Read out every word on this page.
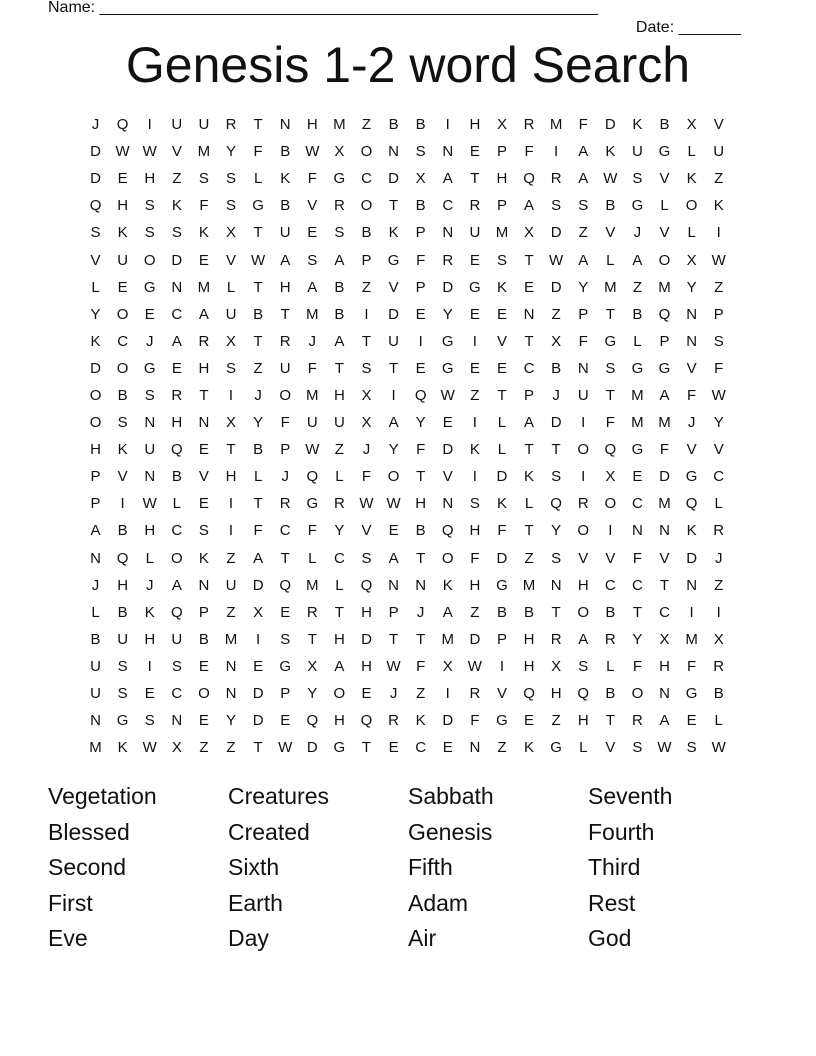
Name: ________________________________________________________

Date: _______

Genesis 1-2 word Search
J	Q	I	U	U	R	T	N	H	M	Z	B	B	I	H	X	R	M	F	D	K	B	X	V
D W W	V	M	Y	F	B	W	X	O	N	S	N	E	P	F	I	A	K	U	G	L	U
D	E	H	Z	S	S	L	K	F	G	C	D	X	A	T	H	Q	R	A	W	S	V	K	Z
Q	H	S	K	F	S	G	B	V	R	O	T	B	C	R	P	A	S	S	B	G	L	O	K
S	K	S	S	K	X	T	U	E	S	B	K	P	N	U	M	X	D	Z	V	J	V	L	I
V	U	O	D	E	V	W	A	S	A	P	G	F	R	E	S	T	W	A	L	A	O	X	W
L	E	G	N	M	L	T	H	A	B	Z	V	P	D	G	K	E	D	Y	M	Z	M	Y	Z
Y	O	E	C	A	U	B	T	M	B	I	D	E	Y	E	E	N	Z	P	T	B	Q	N	P
K	C	J	A	R	X	T	R	J	A	T	U	I	G	I	V	T	X	F	G	L	P	N	S
D	O	G	E	H	S	Z	U	F	T	S	T	E	G	E	E	C	B	N	S	G	G	V	F
O	B	S	R	T	I	J	O	M	H	X	I	Q W	Z	T	P	J	U	T	M	A	F	W
O	S	N	H	N	X	Y	F	U	U	X	A	Y	E	I	L	A	D	I	F	M M	J	Y
H	K	U	Q	E	T	B	P	W	Z	J	Y	F	D	K	L	T	T	O	Q	G	F	V	V
P	V	N	B	V	H	L	J	Q	L	F	O	T	V	I	D	K	S	I	X	E	D	G	C
P	I	W	L	E	I	T	R	G	R W W H	N	S	K	L	Q	R	O	C	M	Q	L
A	B	H	C	S	I	F	C	F	Y	V	E	B	Q	H	F	T	Y	O	I	N	N	K	R
N	Q	L	O	K	Z	A	T	L	C	S	A	T	O	F	D	Z	S	V	V	F	V	D	J
J	H	J	A	N	U	D	Q	M	L	Q	N	N	K	H	G	M	N	H	C	C	T	N	Z
L	B	K	Q	P	Z	X	E	R	T	H	P	J	A	Z	B	B	T	O	B	T	C	I	I
B	U	H	U	B	M	I	S	T	H	D	T	T	M	D	P	H	R	A	R	Y	X	M	X
U	S	I	S	E	N	E	G	X	A	H W	F	X	W	I	H	X	S	L	F	H	F	R
U	S	E	C	O	N	D	P	Y	O	E	J	Z	I	R	V	Q	H	Q	B	O	N	G	B
N	G	S	N	E	Y	D	E	Q	H	Q	R	K	D	F	G	E	Z	H	T	R	A	E	L
M	K	W	X	Z	Z	T	W D	G	T	E	C	E	N	Z	K	G	L	V	S	W	S	W
Vegetation	Creatures	Sabbath	Seventh
Blessed	Created	Genesis	Fourth
Second	Sixth	Fifth	Third
First	Earth	Adam	Rest
Eve	Day	Air	God
